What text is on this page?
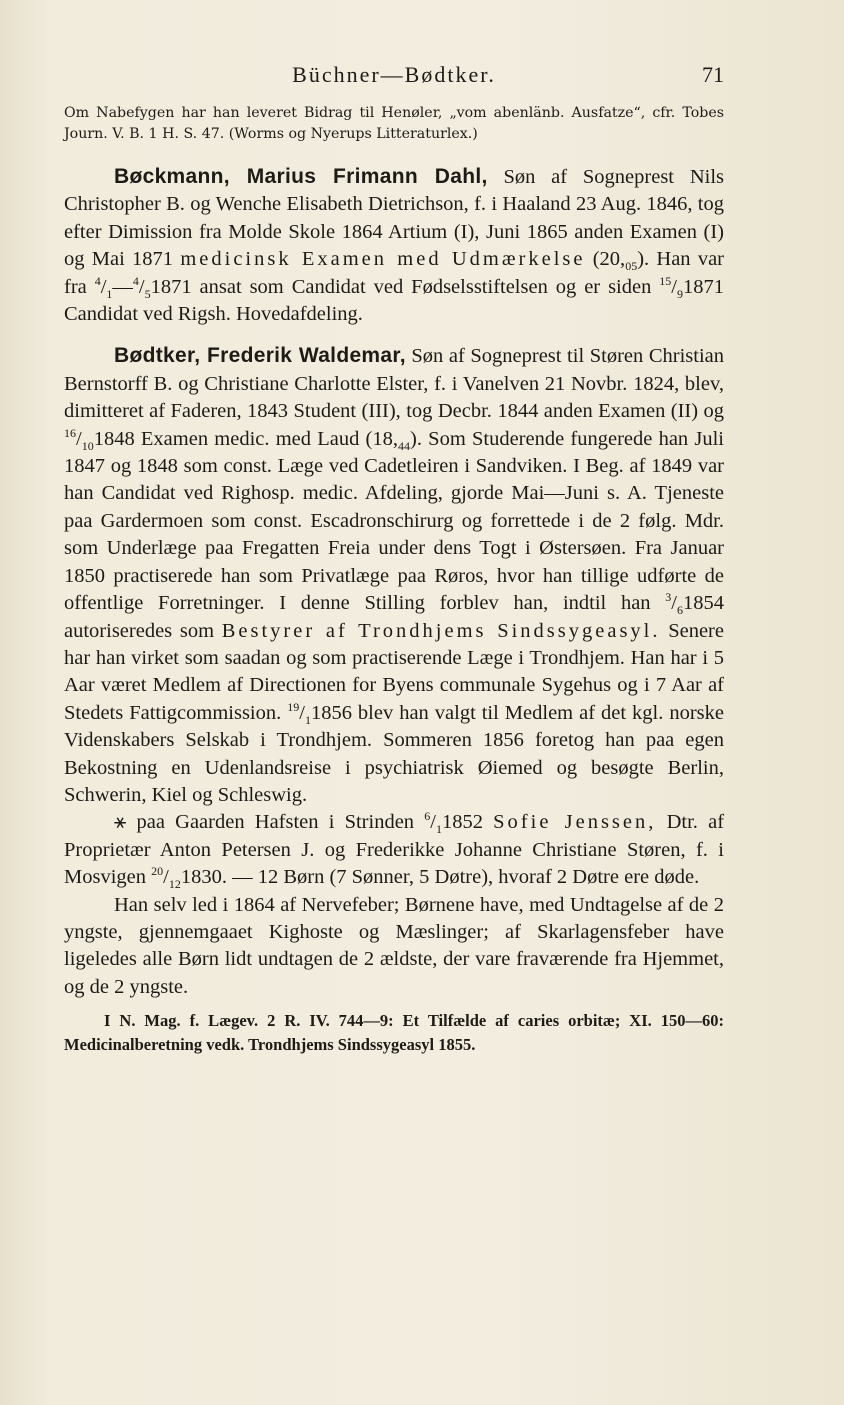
Büchner—Bødtker.	71
Om Nabefygen har han leveret Bidrag til Henøler, „vom abenlänb. Ausfatze“, cfr. Tobes Journ. V. B. 1 H. S. 47. (Worms og Nyerups Litteraturlex.)
Bøckmann, Marius Frimann Dahl, Søn af Sogneprest Nils Christopher B. og Wenche Elisabeth Dietrichson, f. i Haaland 23 Aug. 1846, tog efter Dimission fra Molde Skole 1864 Artium (I), Juni 1865 anden Examen (I) og Mai 1871 medicinsk Examen med Udmærkelse $(20,_{05})$. Han var fra $^4/_1—^4/_51871$ ansat som Candidat ved Fødselsstiftelsen og er siden $^{15}/_91871$ Candidat ved Rigsh. Hovedafdeling.
Bødtker, Frederik Waldemar, Søn af Sogneprest til Støren Christian Bernstorff B. og Christiane Charlotte Elster, f. i Vanelven 21 Novbr. 1824, blev, dimitteret af Faderen, 1843 Student (III), tog Decbr. 1844 anden Examen (II) og $^{16}/_{10}1848$ Examen medic. med Laud $(18,_{44})$. Som Studerende fungerede han Juli 1847 og 1848 som const. Læge ved Cadetleiren i Sandviken. I Beg. af 1849 var han Candidat ved Righosp. medic. Afdeling, gjorde Mai—Juni s. A. Tjeneste paa Gardermoen som const. Escadronschirurg og forrettede i de 2 følg. Mdr. som Underlæge paa Fregatten Freia under dens Togt i Østersøen. Fra Januar 1850 practiserede han som Privatlæge paa Røros, hvor han tillige udførte de offentlige Forretninger. I denne Stilling forblev han, indtil han $^3/_61854$ autoriseredes som Bestyrer af Trondhjems Sindssygeasyl. Senere har han virket som saadan og som practiserende Læge i Trondhjem. Han har i 5 Aar været Medlem af Directionen for Byens communale Sygehus og i 7 Aar af Stedets Fattigcommission. $^{19}/_11856$ blev han valgt til Medlem af det kgl. norske Videnskabers Selskab i Trondhjem. Sommeren 1856 foretog han paa egen Bekostning en Udenlandsreise i psychiatrisk Øiemed og besøgte Berlin, Schwerin, Kiel og Schleswig.
⚹ paa Gaarden Hafsten i Strinden $^6/_11852$ Sofie Jenssen, Dtr. af Proprietær Anton Petersen J. og Frederikke Johanne Christiane Støren, f. i Mosvigen $^{20}/_{12}1830$. — 12 Børn (7 Sønner, 5 Døtre), hvoraf 2 Døtre ere døde.
Han selv led i 1864 af Nervefeber; Børnene have, med Undtagelse af de 2 yngste, gjennemgaaet Kighoste og Mæslinger; af Skarlagensfeber have ligeledes alle Børn lidt undtagen de 2 ældste, der vare fraværende fra Hjemmet, og de 2 yngste.
I N. Mag. f. Lægev. 2 R. IV. 744—9: Et Tilfælde af caries orbitæ; XI. 150—60: Medicinalberetning vedk. Trondhjems Sindssygeasyl 1855.
